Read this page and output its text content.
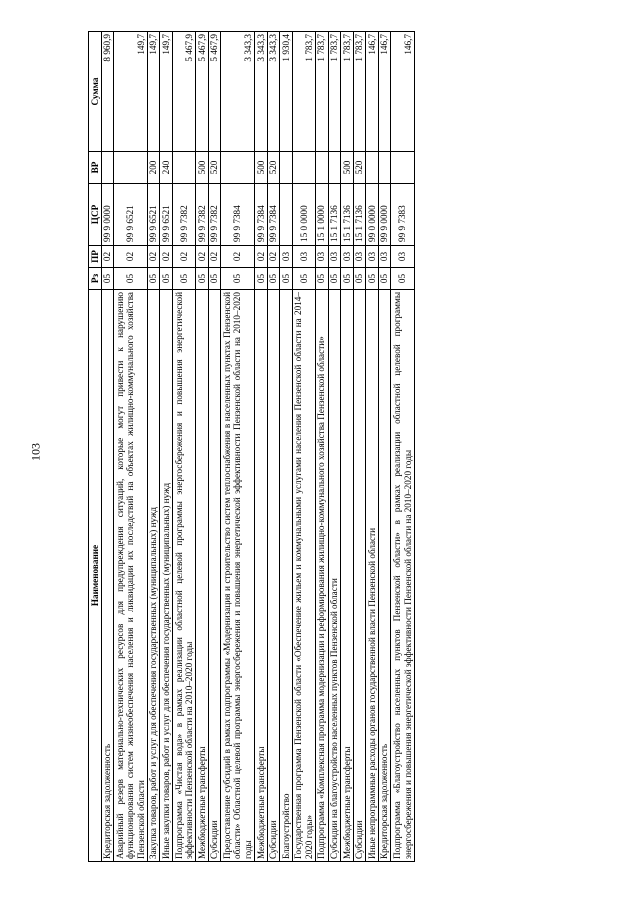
103
Наименование	Рз	ПР	ЦСР	ВР	Сумма
Кредиторская задолженность	05	02	99 9 0000		8 960,9
Аварийный резерв материально-технических ресурсов для предупреждения ситуаций, которые могут привести к нарушению функционирования систем жизнеобеспечения населения и ликвидации их последствий на объектах жилищно-коммунального хозяйства Пензенской области	05	02	99 9 6521		149,7
Закупка товаров, работ и услуг для обеспечения государственных (муниципальных) нужд	05	02	99 9 6521	200	149,7
Иные закупки товаров, работ и услуг для обеспечения государственных (муниципальных) нужд	05	02	99 9 6521	240	149,7
Подпрограмма «Чистая вода» в рамках реализации областной целевой программы энергосбережения и повышения энергетической эффективности Пензенской области на 2010–2020 годы	05	02	99 9 7382		5 467,9
Межбюджетные трансферты	05	02	99 9 7382	500	5 467,9
Субсидии	05	02	99 9 7382	520	5 467,9
Предоставление субсидий в рамках подпрограммы «Модернизация и строительство систем теплоснабжения в населенных пунктах Пензенской области» Областной целевой программы энергосбережения и повышения энергетической эффективности Пензенской области на 2010–2020 годы	05	02	99 9 7384		3 343,3
Межбюджетные трансферты	05	02	99 9 7384	500	3 343,3
Субсидии	05	02	99 9 7384	520	3 343,3
Благоустройство	05	03			1 930,4
Государственная программа Пензенской области «Обеспечение жильем и коммунальными услугами населения Пензенской области на 2014–2020 годы»	05	03	15 0 0000		1 783,7
Подпрограмма «Комплексная программа модернизации и реформирования жилищно-коммунального хозяйства Пензенской области»	05	03	15 1 0000		1 783,7
Субсидии на благоустройство населенных пунктов Пензенской области	05	03	15 1 7136		1 783,7
Межбюджетные трансферты	05	03	15 1 7136	500	1 783,7
Субсидии	05	03	15 1 7136	520	1 783,7
Иные непрограммные расходы органов государственной власти Пензенской области	05	03	99 0 0000		146,7
Кредиторская задолженность	05	03	99 9 0000		146,7
Подпрограмма «Благоустройство населенных пунктов Пензенской области» в рамках реализации областной целевой программы энергосбережения и повышения энергетической эффективности Пензенской области на 2010–2020 годы	05	03	99 9 7383		146,7
